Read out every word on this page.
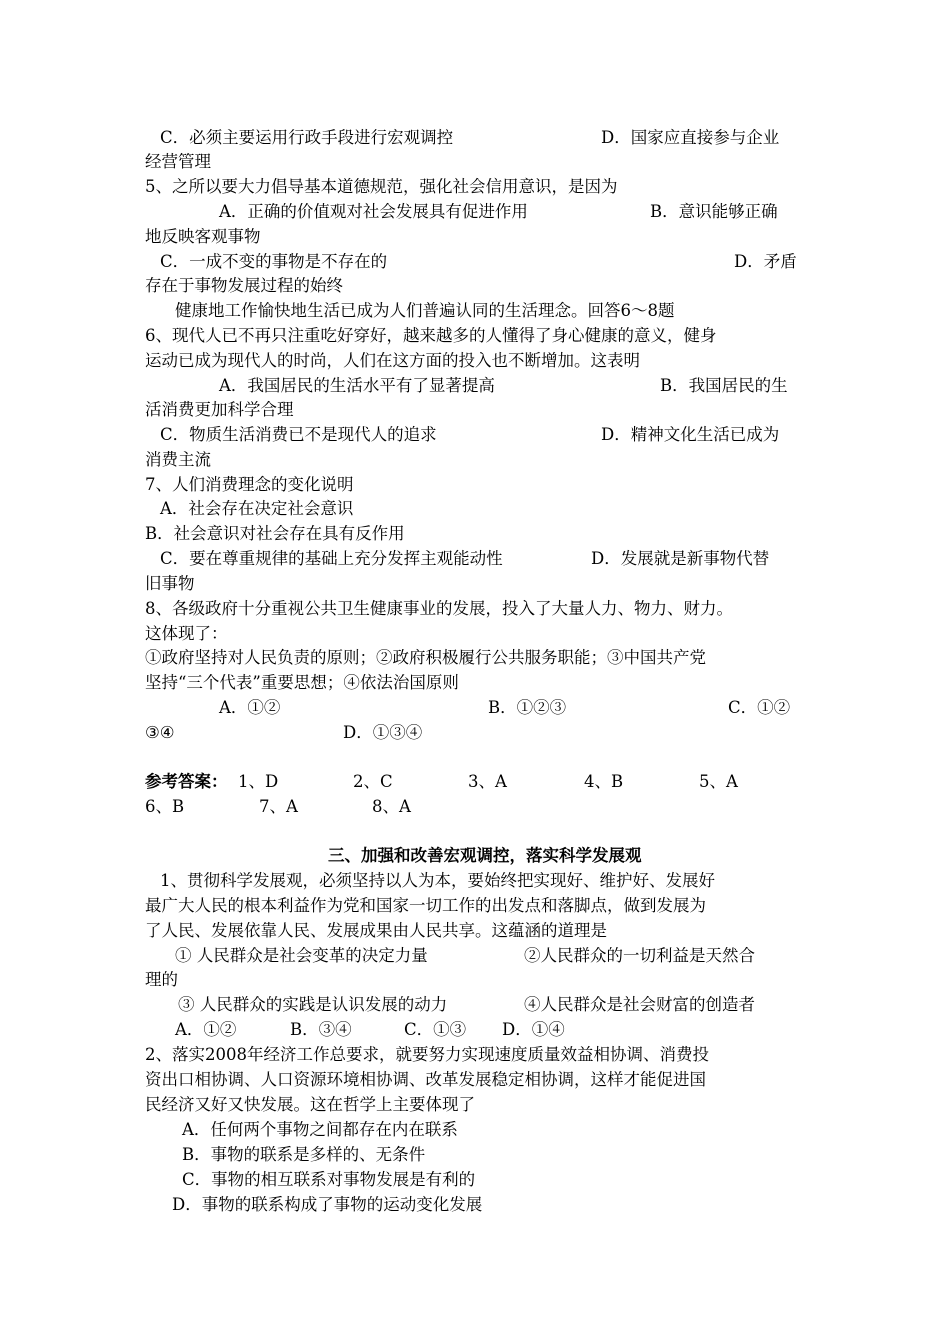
C．必须主要运用行政手段进行宏观调控	D．国家应直接参与企业
经营管理
5、之所以要大力倡导基本道德规范，强化社会信用意识，是因为
A．正确的价值观对社会发展具有促进作用	B．意识能够正确
地反映客观事物
C．一成不变的事物是不存在的	D．矛盾
存在于事物发展过程的始终
健康地工作愉快地生活已成为人们普遍认同的生活理念。回答6～8题
6、现代人已不再只注重吃好穿好，越来越多的人懂得了身心健康的意义，健身
运动已成为现代人的时尚，人们在这方面的投入也不断增加。这表明
A．我国居民的生活水平有了显著提高	B．我国居民的生
活消费更加科学合理
C．物质生活消费已不是现代人的追求	D．精神文化生活已成为
消费主流
7、人们消费理念的变化说明
A．社会存在决定社会意识
B．社会意识对社会存在具有反作用
C．要在尊重规律的基础上充分发挥主观能动性	D．发展就是新事物代替
旧事物
8、各级政府十分重视公共卫生健康事业的发展，投入了大量人力、物力、财力。
这体现了：
①政府坚持对人民负责的原则；②政府积极履行公共服务职能；③中国共产党
坚持“三个代表”重要思想；④依法治国原则
A．①②	B．①②③	C．①②
③④	D．①③④
参考答案： 1、D	2、C	3、A	4、B	5、A
6、B	7、A	8、A
三、加强和改善宏观调控，落实科学发展观
1、贯彻科学发展观，必须坚持以人为本，要始终把实现好、维护好、发展好
最广大人民的根本利益作为党和国家一切工作的出发点和落脚点，做到发展为
了人民、发展依靠人民、发展成果由人民共享。这蕴涵的道理是
① 人民群众是社会变革的决定力量	②人民群众的一切利益是天然合
理的
③ 人民群众的实践是认识发展的动力	④人民群众是社会财富的创造者
A．①②	B．③④	C．①③ D．①④
2、落实2008年经济工作总要求，就要努力实现速度质量效益相协调、消费投
资出口相协调、人口资源环境相协调、改革发展稳定相协调，这样才能促进国
民经济又好又快发展。这在哲学上主要体现了
A．任何两个事物之间都存在内在联系
B．事物的联系是多样的、无条件
C．事物的相互联系对事物发展是有利的
D．事物的联系构成了事物的运动变化发展
